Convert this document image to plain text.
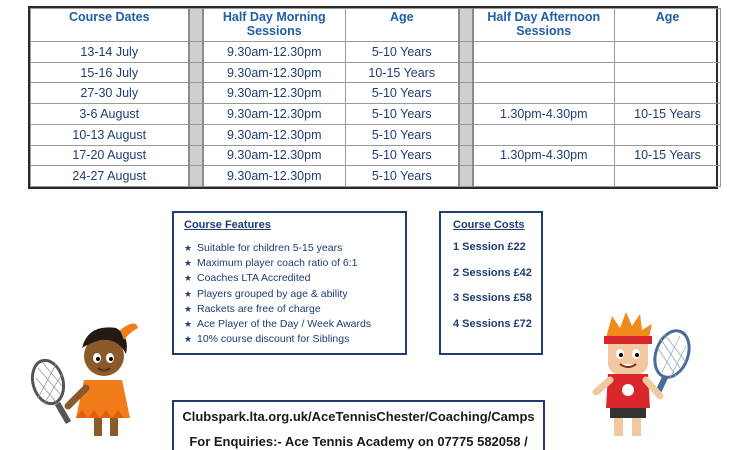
Course Dates		Half Day Morning Sessions	Age		Half Day Afternoon Sessions	Age
13-14 July		9.30am-12.30pm	5-10 Years			
15-16 July		9.30am-12.30pm	10-15 Years			
27-30 July		9.30am-12.30pm	5-10 Years			
3-6 August		9.30am-12.30pm	5-10 Years		1.30pm-4.30pm	10-15 Years
10-13 August		9.30am-12.30pm	5-10 Years			
17-20 August		9.30am-12.30pm	5-10 Years		1.30pm-4.30pm	10-15 Years
24-27 August		9.30am-12.30pm	5-10 Years			
Course Features
★ Suitable for children 5-15 years
★ Maximum player coach ratio of 6:1
★ Coaches LTA Accredited
★ Players grouped by age & ability
★ Rackets are free of charge
★ Ace Player of the Day / Week Awards
★ 10% course discount for Siblings
Course Costs
1 Session £22
2 Sessions £42
3 Sessions £58
4 Sessions £72
Clubspark.lta.org.uk/AceTennisChester/Coaching/Camps
For Enquiries:- Ace Tennis Academy on 07775 582058 /
